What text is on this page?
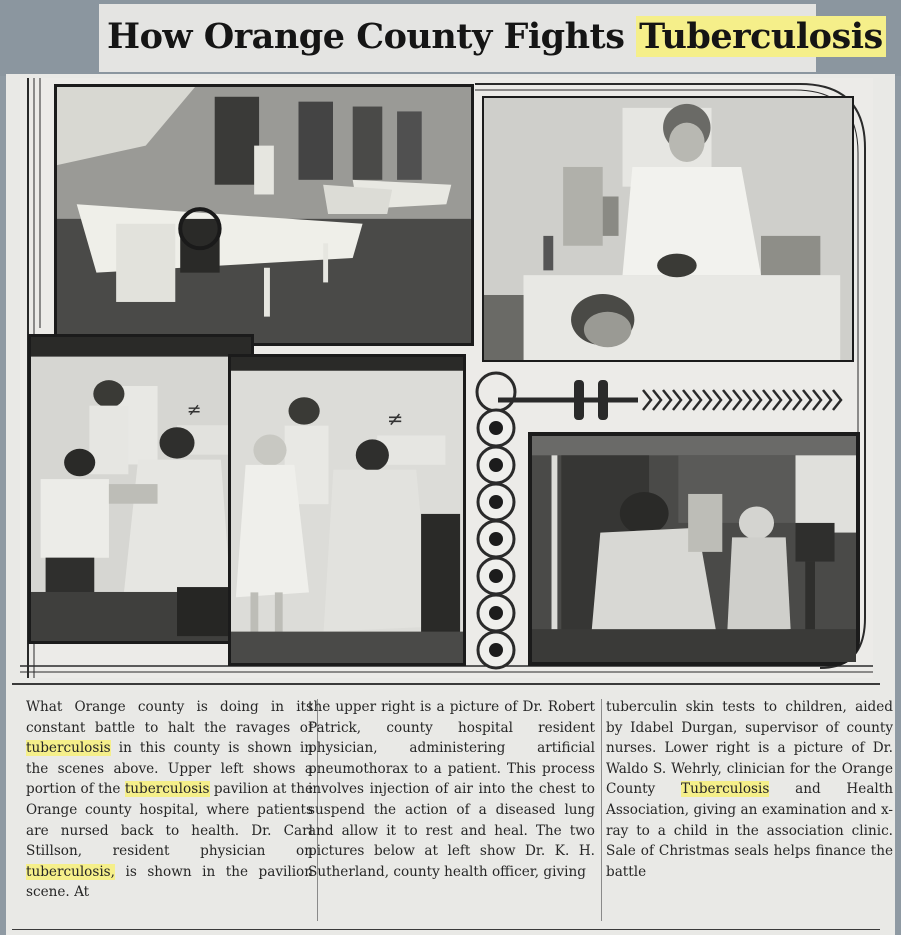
How Orange County Fights Tuberculosis
≠	≠

What Orange county is doing in its constant battle to halt the ravages of tuberculosis in this county is shown in the scenes above. Upper left shows a portion of the tuberculosis pavilion at the Orange county hospital, where patients are nursed back to health. Dr. Carl Stillson, resident physician on tuberculosis, is shown in the pavilion scene. At

the upper right is a picture of Dr. Robert Patrick, county hospital resident physician, administering artificial pneumothorax to a patient. This process involves injection of air into the chest to suspend the action of a diseased lung and allow it to rest and heal. The two pictures below at left show Dr. K. H. Sutherland, county health officer, giving

tuberculin skin tests to children, aided by Idabel Durgan, supervisor of county nurses. Lower right is a picture of Dr. Waldo S. Wehrly, clinician for the Orange County Tuberculosis and Health Association, giving an examination and x-ray to a child in the association clinic. Sale of Christmas seals helps finance the battle
